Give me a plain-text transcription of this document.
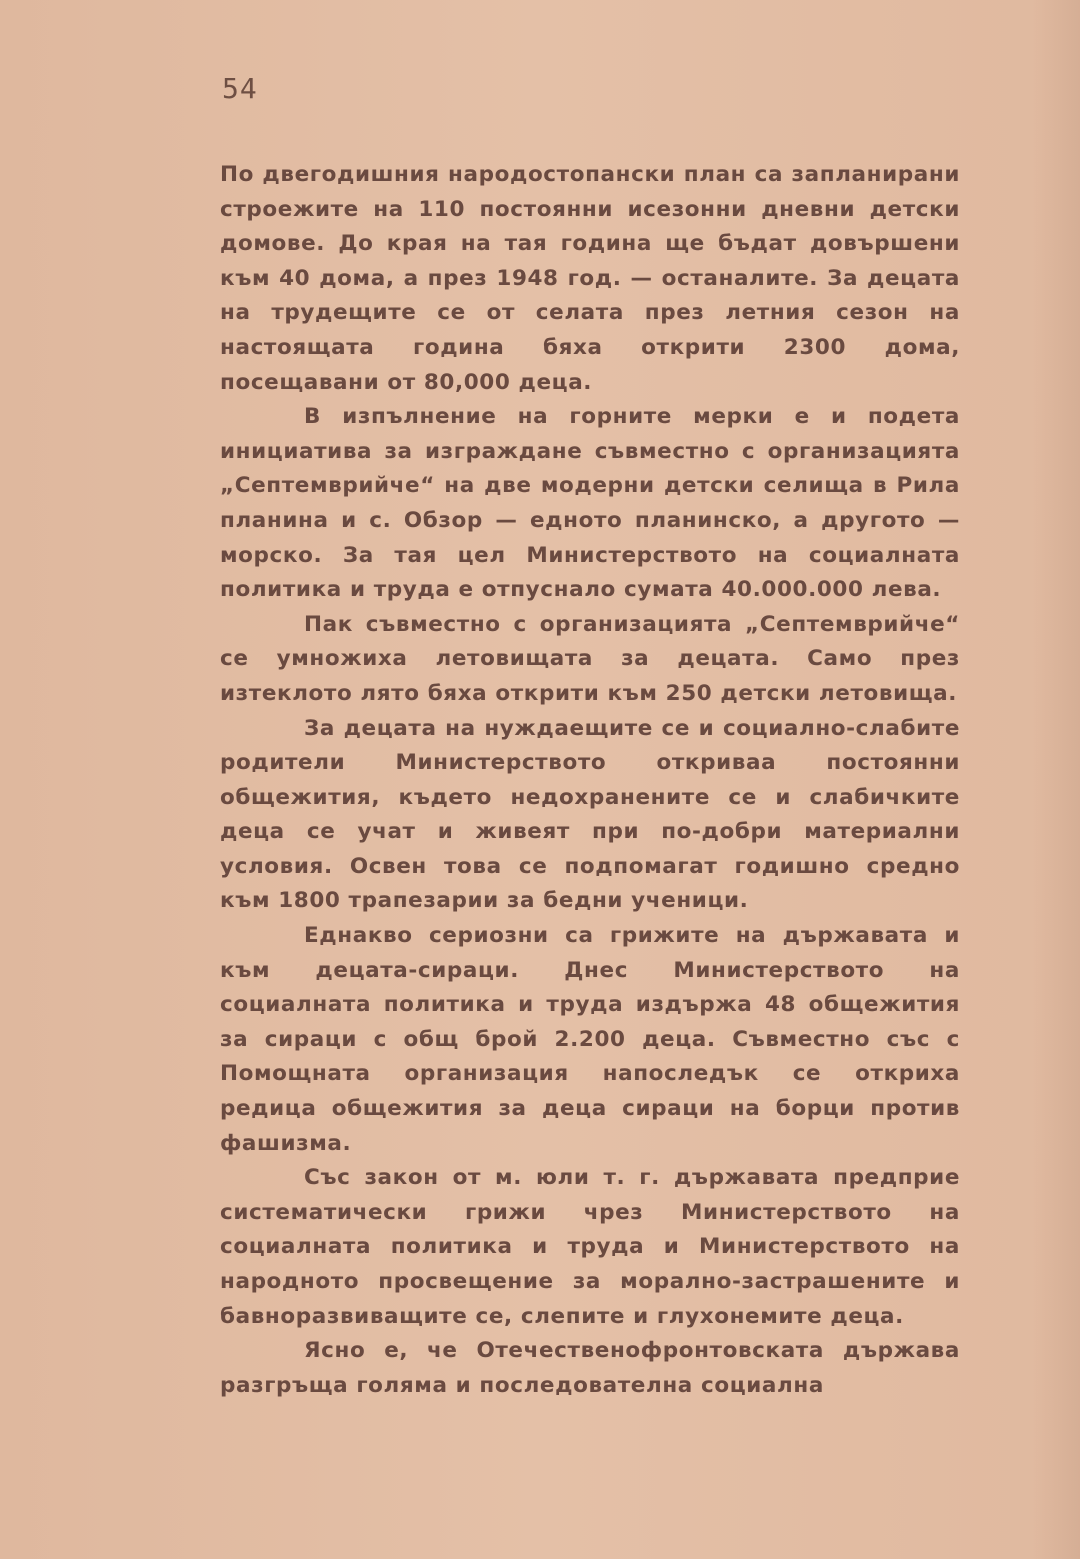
54

По двегодишния народостопански план са запланирани строежите на 110 постоянни исезонни дневни детски домове. До края на тая година ще бъдат довършени към 40 дома, а през 1948 год. — останалите. За децата на трудещите се от селата през летния сезон на настоящата година бяха открити 2300 дома, посещавани от 80,000 деца.

В изпълнение на горните мерки е и подета инициатива за изграждане съвместно с организацията „Септемврийче“ на две модерни детски селища в Рила планина и с. Обзор — едното планинско, а другото — морско. За тая цел Министерството на социалната политика и труда е отпуснало сумата 40.000.000 лева.

Пак съвместно с организацията „Септемврийче“ се умножиха летовищата за децата. Само през изтеклото лято бяха открити към 250 детски летовища.

За децата на нуждаещите се и социално-слабите родители Министерството откриваа постоянни общежития, където недохранените се и слабичките деца се учат и живеят при по-добри материални условия. Освен това се подпомагат годишно средно към 1800 трапезарии за бедни ученици.

Еднакво сериозни са грижите на държавата и към децата-сираци. Днес Министерството на социалната политика и труда издържа 48 общежития за сираци с общ брой 2.200 деца. Съвместно със с Помощната организация напоследък се откриха редица общежития за деца сираци на борци против фашизма.

Със закон от м. юли т. г. държавата предприе систематически грижи чрез Министерството на социалната политика и труда и Министерството на народното просвещение за морално-застрашените и бавноразвиващите се, слепите и глухонемите деца.

Ясно е, че Отечественофронтовската държава разгръща голяма и последователна социална
